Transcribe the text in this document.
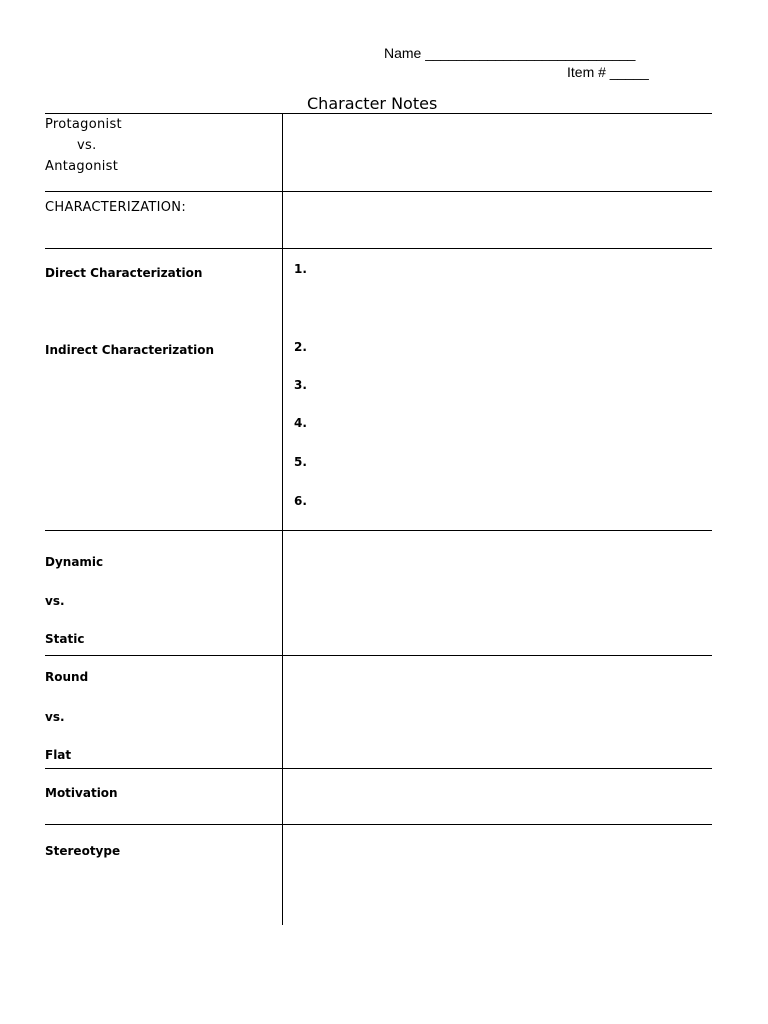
Name ___________________________
Item # _____
Character Notes
Protagonist
vs.
Antagonist
CHARACTERIZATION:
Direct Characterization
Indirect Characterization
1.
2.
3.
4.
5.
6.
Dynamic
vs.
Static
Round
vs.
Flat
Motivation
Stereotype
